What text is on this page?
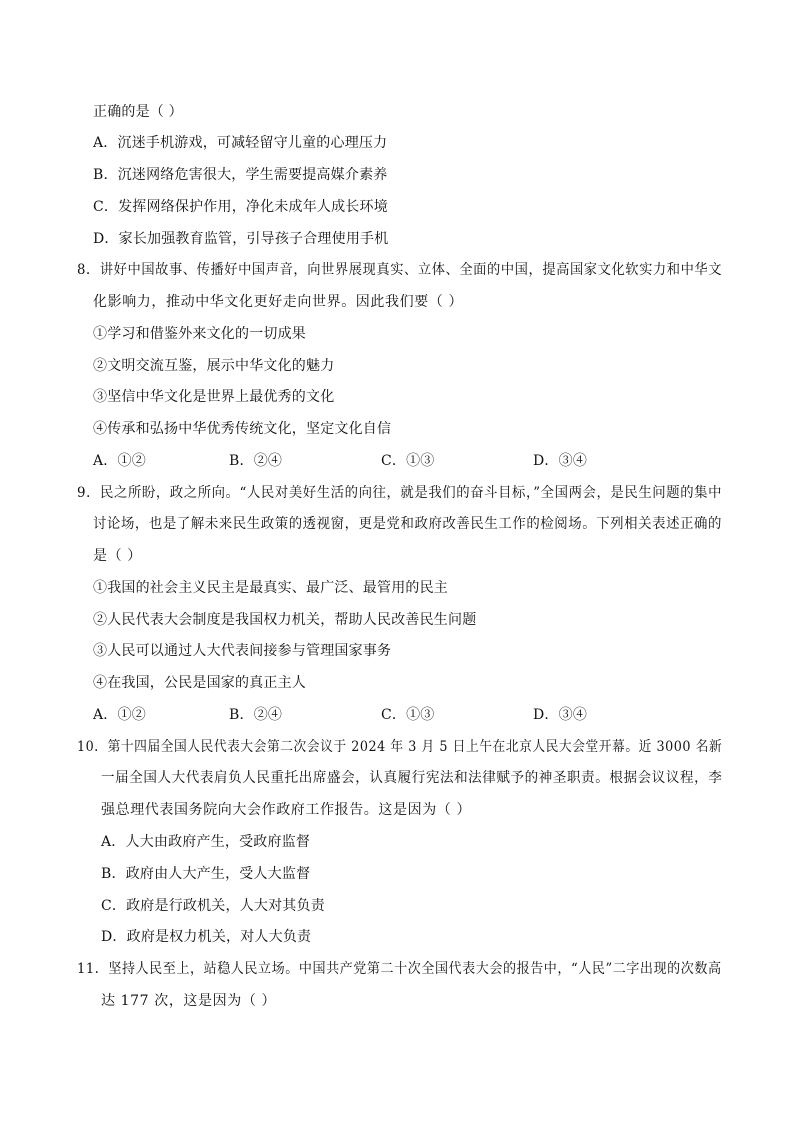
正确的是（ ）
A．沉迷手机游戏，可减轻留守儿童的心理压力
B．沉迷网络危害很大，学生需要提高媒介素养
C．发挥网络保护作用，净化未成年人成长环境
D．家长加强教育监管，引导孩子合理使用手机
8．讲好中国故事、传播好中国声音，向世界展现真实、立体、全面的中国，提高国家文化软实力和中华文
化影响力，推动中华文化更好走向世界。因此我们要（ ）
①学习和借鉴外来文化的一切成果
②文明交流互鉴，展示中华文化的魅力
③坚信中华文化是世界上最优秀的文化
④传承和弘扬中华优秀传统文化，坚定文化自信
A．①②	B．②④	C．①③	D．③④
9．民之所盼，政之所向。“人民对美好生活的向往，就是我们的奋斗目标，”全国两会，是民生问题的集中
讨论场，也是了解未来民生政策的透视窗，更是党和政府改善民生工作的检阅场。下列相关表述正确的
是（ ）
①我国的社会主义民主是最真实、最广泛、最管用的民主
②人民代表大会制度是我国权力机关，帮助人民改善民生问题
③人民可以通过人大代表间接参与管理国家事务
④在我国，公民是国家的真正主人
A．①②	B．②④	C．①③	D．③④
10．第十四届全国人民代表大会第二次会议于 2024 年 3 月 5 日上午在北京人民大会堂开幕。近 3000 名新
一届全国人大代表肩负人民重托出席盛会，认真履行宪法和法律赋予的神圣职责。根据会议议程，李
强总理代表国务院向大会作政府工作报告。这是因为（ ）
A．人大由政府产生，受政府监督
B．政府由人大产生，受人大监督
C．政府是行政机关，人大对其负责
D．政府是权力机关，对人大负责
11．坚持人民至上，站稳人民立场。中国共产党第二十次全国代表大会的报告中，“人民”二字出现的次数高
达 177 次，这是因为（ ）
